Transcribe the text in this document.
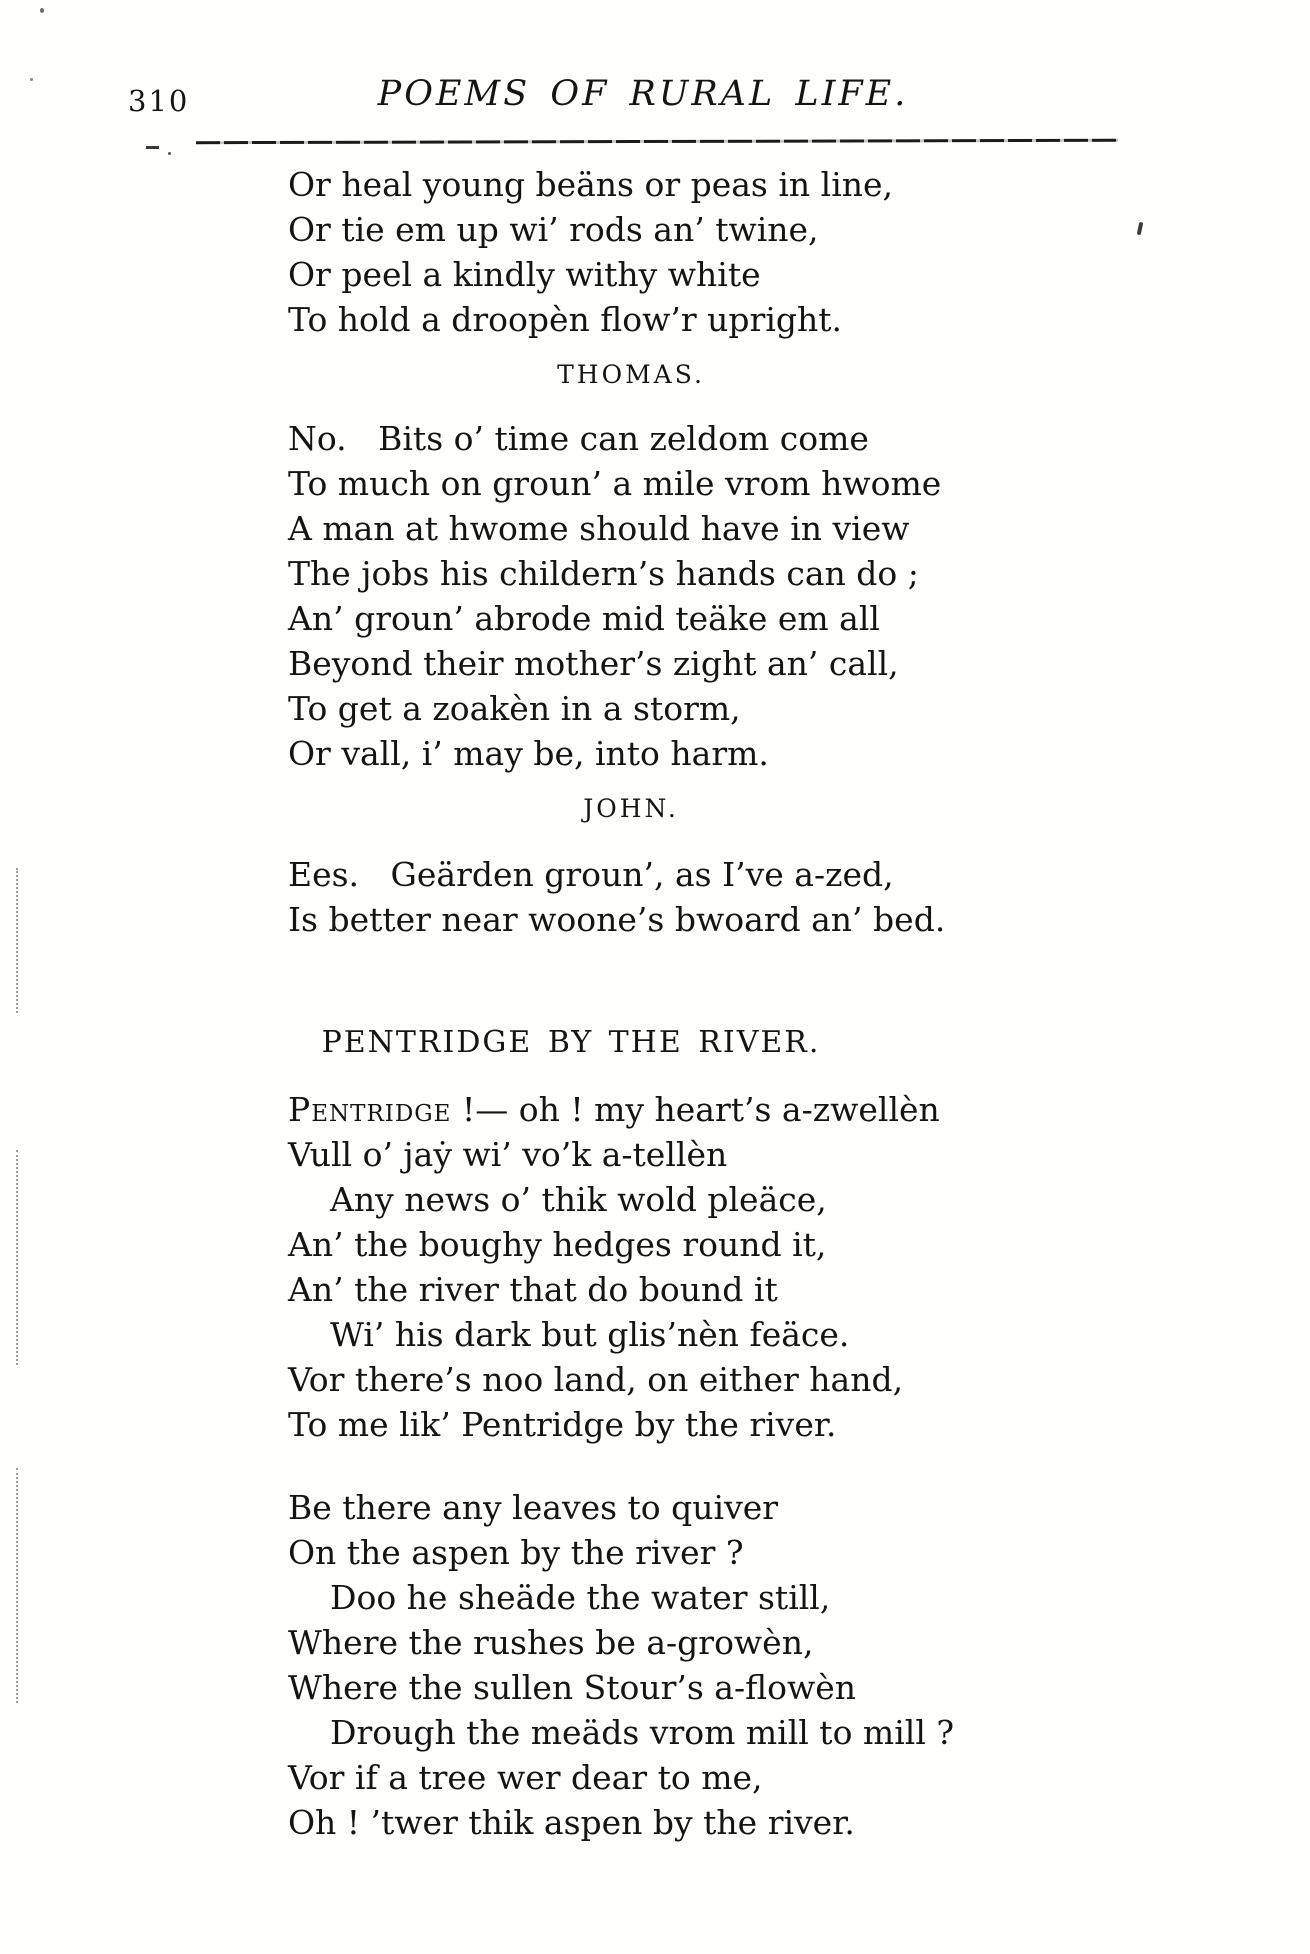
310	POEMS OF RURAL LIFE.
Or heal young beäns or peas in line,
Or tie em up wi’ rods an’ twine,
Or peel a kindly withy white
To hold a droopèn flow’r upright.
THOMAS.
No.   Bits o’ time can zeldom come
To much on groun’ a mile vrom hwome
A man at hwome should have in view
The jobs his childern’s hands can do ;
An’ groun’ abrode mid teäke em all
Beyond their mother’s zight an’ call,
To get a zoakèn in a storm,
Or vall, i’ may be, into harm.
JOHN.
Ees.   Geärden groun’, as I’ve a-zed,
Is better near woone’s bwoard an’ bed.
PENTRIDGE BY THE RIVER.
Pentridge !— oh ! my heart’s a-zwellèn
Vull o’ jaẏ wi’ vo’k a-tellèn
Any news o’ thik wold pleäce,
An’ the boughy hedges round it,
An’ the river that do bound it
Wi’ his dark but glis’nèn feäce.
Vor there’s noo land, on either hand,
To me lik’ Pentridge by the river.
Be there any leaves to quiver
On the aspen by the river ?
Doo he sheäde the water still,
Where the rushes be a-growèn,
Where the sullen Stour’s a-flowèn
Drough the meäds vrom mill to mill ?
Vor if a tree wer dear to me,
Oh ! ’twer thik aspen by the river.
